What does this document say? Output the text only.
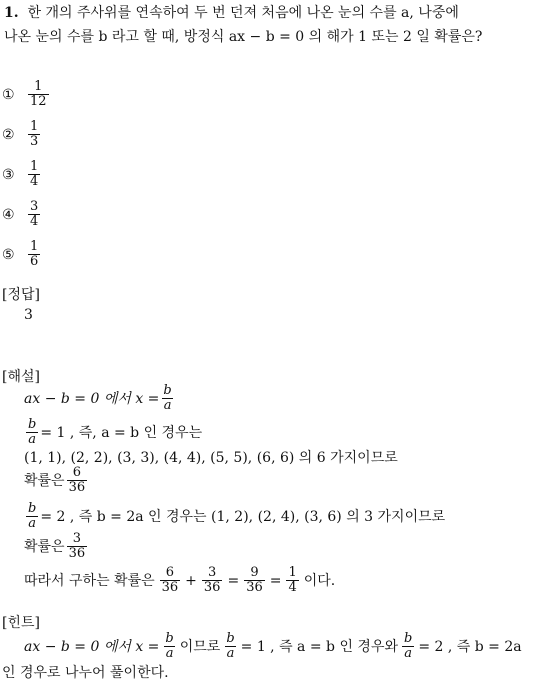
1. 한 개의 주사위를 연속하여 두 번 던져 처음에 나온 눈의 수를 a, 나중에
나온 눈의 수를 b 라고 할 때, 방정식 ax − b = 0 의 해가 1 또는 2 일 확률은?
①	$\frac{1}{12}$
②	$\frac{1}{3}$
③	$\frac{1}{4}$
④	$\frac{3}{4}$
⑤	$\frac{1}{6}$
[정답]
3
[해설]
ax − b = 0 에서 $x = \frac{b}{a}$
$\frac{b}{a} = 1$ , 즉, a = b 인 경우는
(1, 1), (2, 2), (3, 3), (4, 4), (5, 5), (6, 6) 의 6 가지이므로
확률은 $\frac{6}{36}$
$\frac{b}{a} = 2$ , 즉 b = 2a 인 경우는 (1, 2), (2, 4), (3, 6) 의 3 가지이므로
확률은 $\frac{3}{36}$
따라서 구하는 확률은 $\frac{6}{36} + \frac{3}{36} = \frac{9}{36} = \frac{1}{4}$ 이다.
[힌트]
ax − b = 0 에서 $x = \frac{b}{a}$ 이므로 $\frac{b}{a} = 1$ , 즉 a = b 인 경우와 $\frac{b}{a} = 2$ , 즉 b = 2a
인 경우로 나누어 풀이한다.
